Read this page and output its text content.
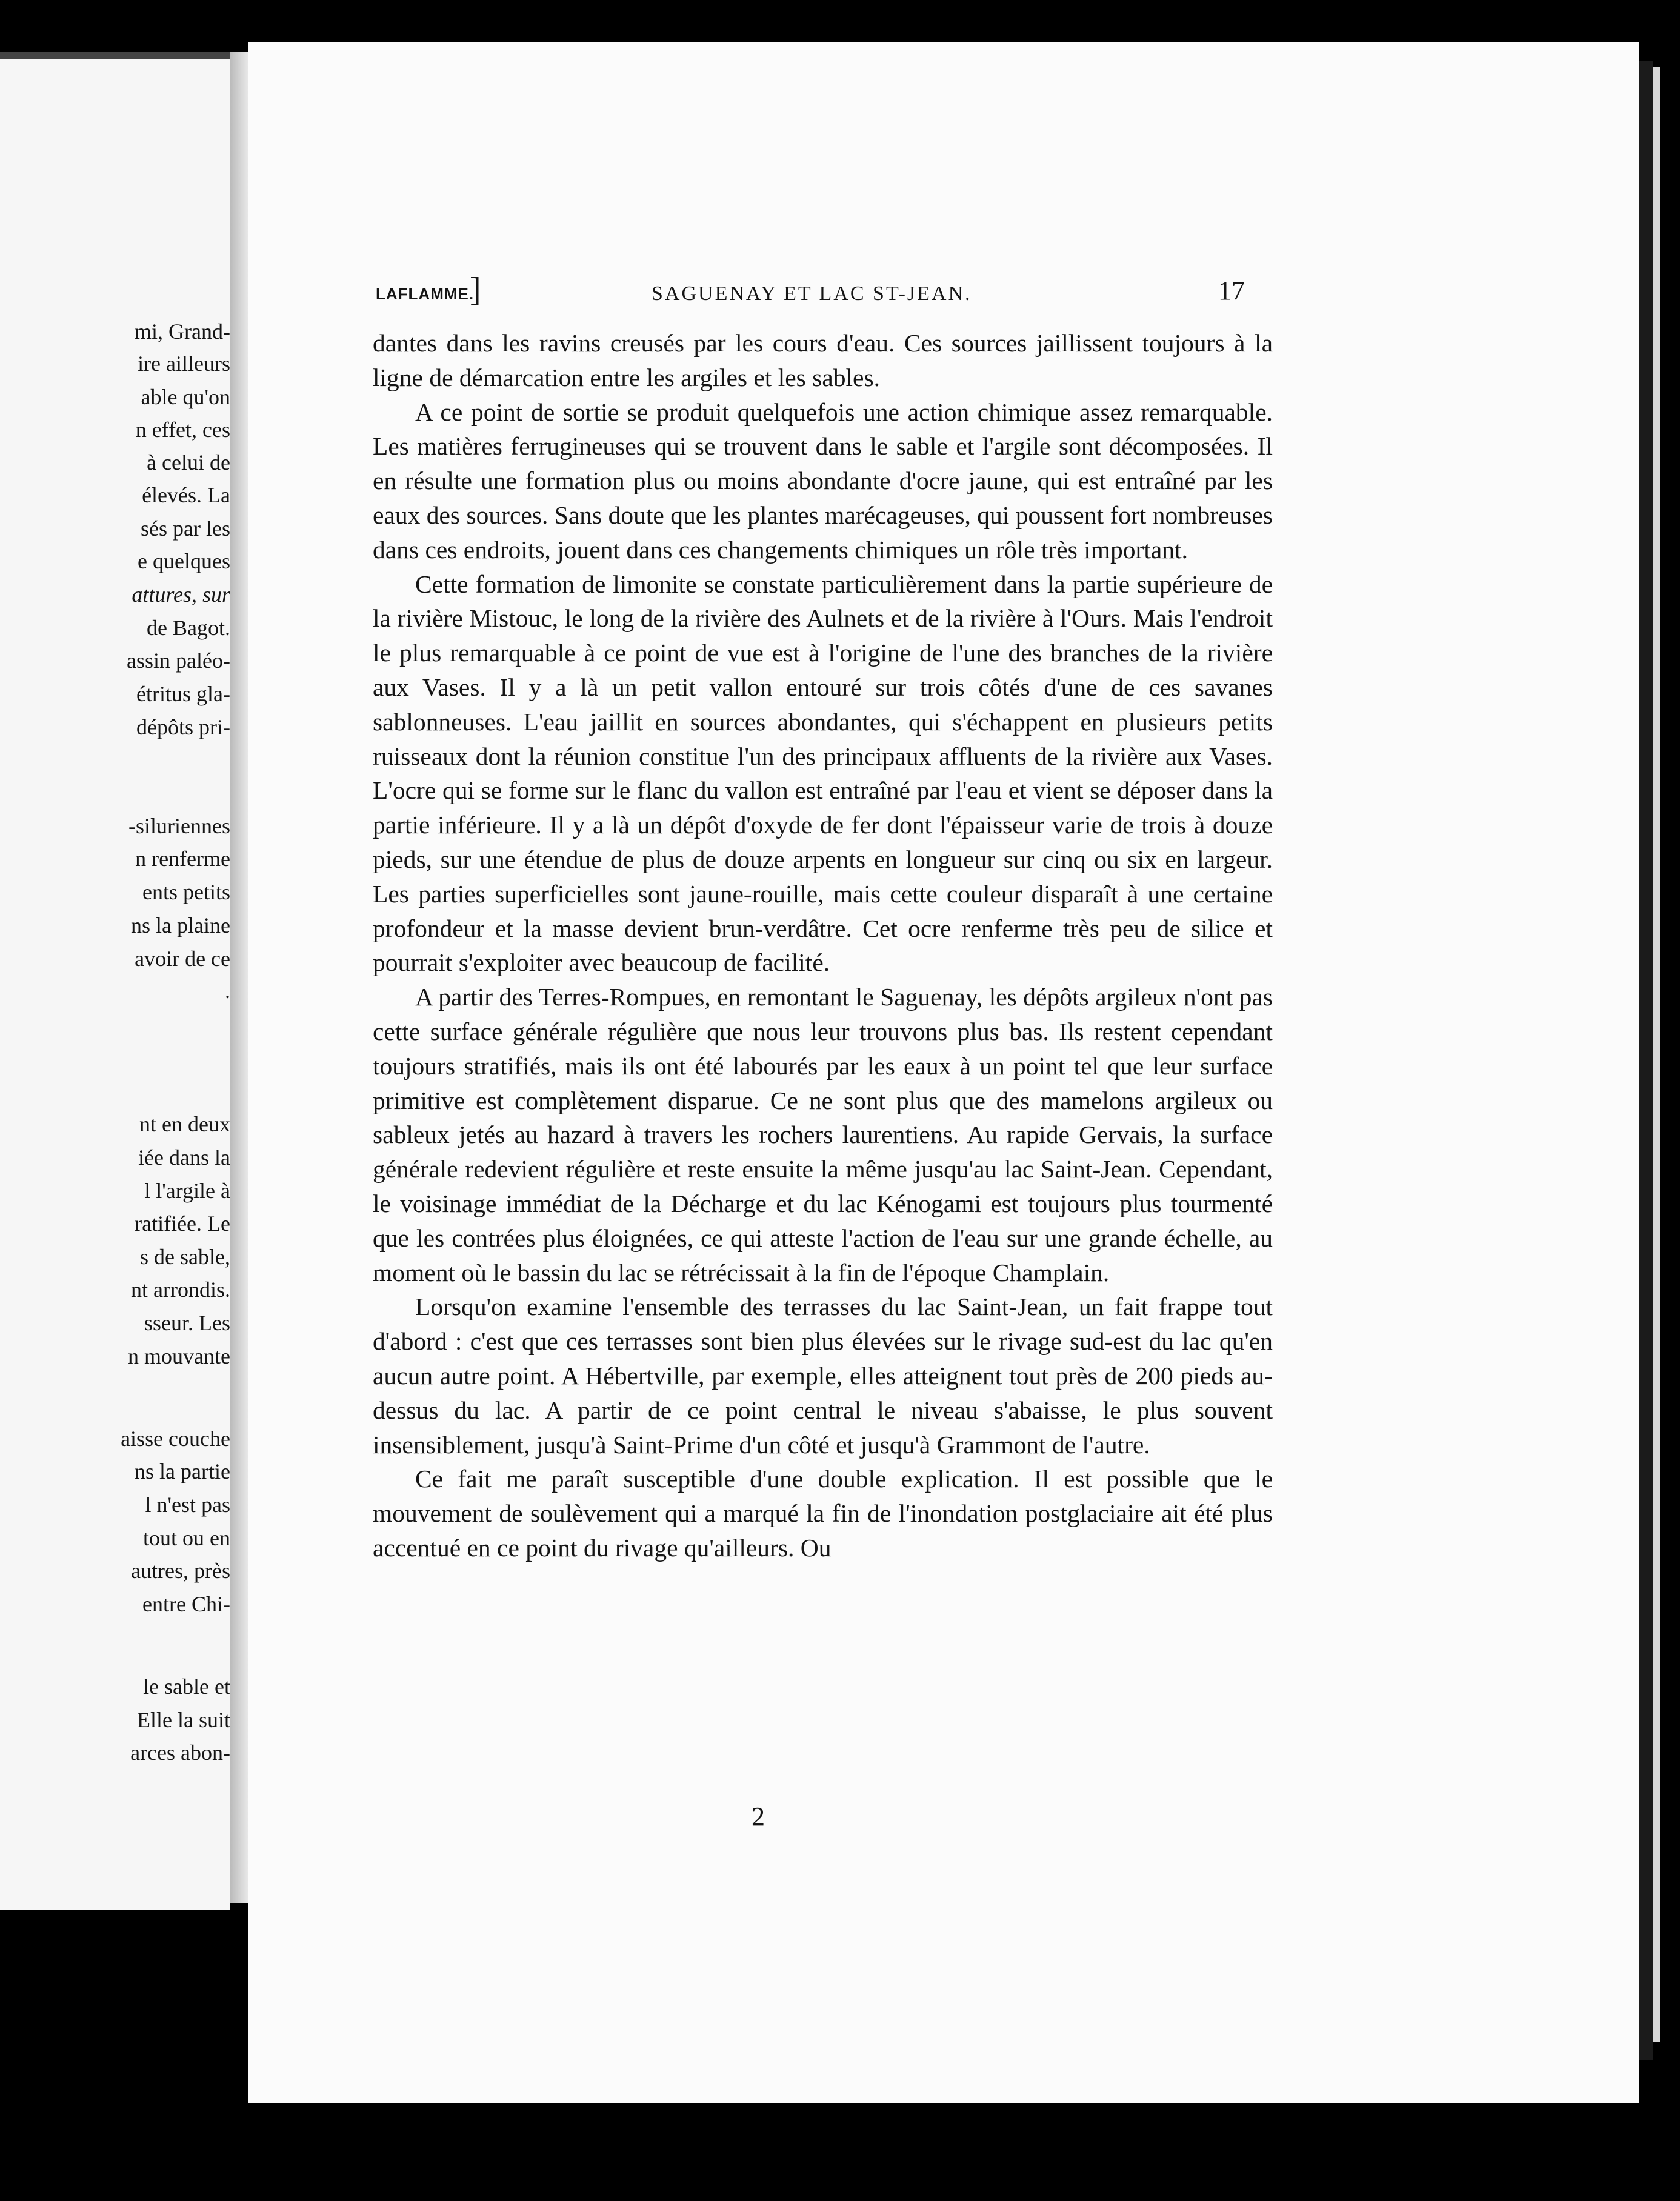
mi, Grand-
ire ailleurs
able qu'on
n effet, ces
à celui de
élevés. La
sés par les
e quelques
attures, sur
de Bagot.
assin paléo-
étritus gla-
dépôts pri-
-siluriennes
n renferme
ents petits
ns la plaine
avoir de ce
.
nt en deux
iée dans la
l l'argile à
ratifiée. Le
s de sable,
nt arrondis.
sseur. Les
n mouvante
aisse couche
ns la partie
l n'est pas
tout ou en
autres, près
entre Chi-
le sable et
Elle la suit
arces abon-
LAFLAMME.
]	SAGUENAY ET LAC ST-JEAN.	17

dantes dans les ravins creusés par les cours d'eau. Ces sources jaillissent toujours à la ligne de démarcation entre les argiles et les sables.

A ce point de sortie se produit quelquefois une action chimique assez remarquable. Les matières ferrugineuses qui se trouvent dans le sable et l'argile sont décomposées. Il en résulte une formation plus ou moins abondante d'ocre jaune, qui est entraîné par les eaux des sources. Sans doute que les plantes marécageuses, qui poussent fort nombreuses dans ces endroits, jouent dans ces changements chimiques un rôle très important.

Cette formation de limonite se constate particulièrement dans la partie supérieure de la rivière Mistouc, le long de la rivière des Aulnets et de la rivière à l'Ours. Mais l'endroit le plus remarquable à ce point de vue est à l'origine de l'une des branches de la rivière aux Vases. Il y a là un petit vallon entouré sur trois côtés d'une de ces savanes sablonneuses. L'eau jaillit en sources abondantes, qui s'échappent en plusieurs petits ruisseaux dont la réunion constitue l'un des principaux affluents de la rivière aux Vases. L'ocre qui se forme sur le flanc du vallon est entraîné par l'eau et vient se déposer dans la partie inférieure. Il y a là un dépôt d'oxyde de fer dont l'épaisseur varie de trois à douze pieds, sur une étendue de plus de douze arpents en longueur sur cinq ou six en largeur. Les parties superficielles sont jaune-rouille, mais cette couleur disparaît à une certaine profondeur et la masse devient brun-verdâtre. Cet ocre renferme très peu de silice et pourrait s'exploiter avec beaucoup de facilité.

A partir des Terres-Rompues, en remontant le Saguenay, les dépôts argileux n'ont pas cette surface générale régulière que nous leur trouvons plus bas. Ils restent cependant toujours stratifiés, mais ils ont été labourés par les eaux à un point tel que leur surface primitive est complètement disparue. Ce ne sont plus que des mamelons argileux ou sableux jetés au hazard à travers les rochers laurentiens. Au rapide Gervais, la surface générale redevient régulière et reste ensuite la même jusqu'au lac Saint-Jean. Cependant, le voisinage immédiat de la Décharge et du lac Kénogami est toujours plus tourmenté que les contrées plus éloignées, ce qui atteste l'action de l'eau sur une grande échelle, au moment où le bassin du lac se rétrécissait à la fin de l'époque Champlain.

Lorsqu'on examine l'ensemble des terrasses du lac Saint-Jean, un fait frappe tout d'abord : c'est que ces terrasses sont bien plus élevées sur le rivage sud-est du lac qu'en aucun autre point. A Hébertville, par exemple, elles atteignent tout près de 200 pieds au-dessus du lac. A partir de ce point central le niveau s'abaisse, le plus souvent insensiblement, jusqu'à Saint-Prime d'un côté et jusqu'à Grammont de l'autre.

Ce fait me paraît susceptible d'une double explication. Il est possible que le mouvement de soulèvement qui a marqué la fin de l'inondation postglaciaire ait été plus accentué en ce point du rivage qu'ailleurs. Ou

2
